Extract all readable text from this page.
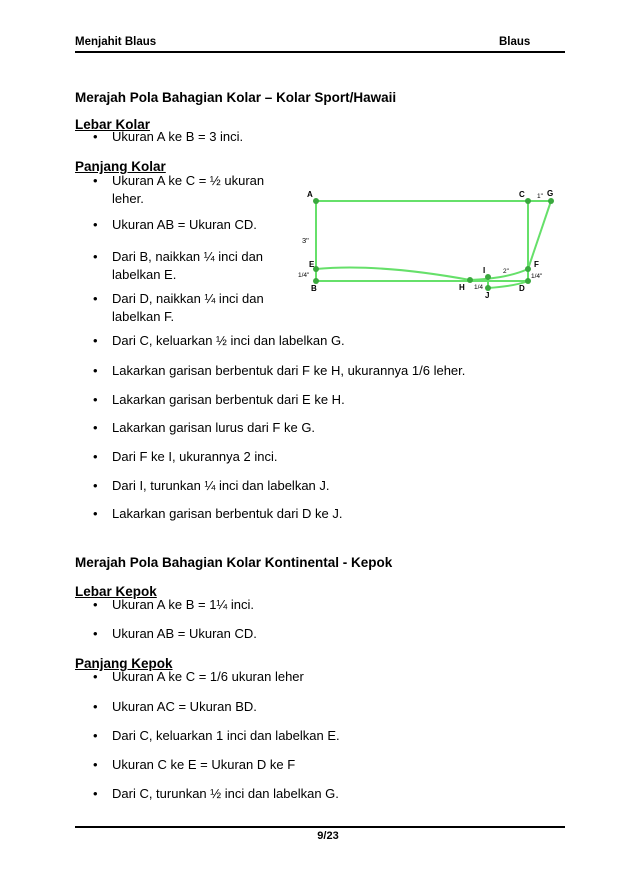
Menjahit Blaus	Blaus
Merajah Pola Bahagian Kolar – Kolar Sport/Hawaii
Lebar Kolar
• Ukuran A ke B = 3 inci.
Panjang Kolar
• Ukuran A ke C = ½ ukuran
leher.
• Ukuran AB = Ukuran CD.
• Dari B, naikkan ¼ inci dan
labelkan E.
• Dari D, naikkan ¼ inci dan
labelkan F.
• Dari C, keluarkan ½ inci dan labelkan G.
• Lakarkan garisan berbentuk dari F ke H, ukurannya 1/6 leher.
• Lakarkan garisan berbentuk dari E ke H.
• Lakarkan garisan lurus dari F ke G.
• Dari F ke I, ukurannya 2 inci.
• Dari I, turunkan ¼ inci dan labelkan J.
• Lakarkan garisan berbentuk dari D ke J.
A	C	G
E
B
F
D
H
I
J
3"
1"
2"
1/4"	1/4"
1/4
Merajah Pola Bahagian Kolar Kontinental - Kepok
Lebar Kepok
• Ukuran A ke B = 1¼ inci.
• Ukuran AB = Ukuran CD.
Panjang Kepok
• Ukuran A ke C = 1/6 ukuran leher
• Ukuran AC = Ukuran BD.
• Dari C, keluarkan 1 inci dan labelkan E.
• Ukuran C ke E = Ukuran D ke F
• Dari C, turunkan ½ inci dan labelkan G.
9/23
